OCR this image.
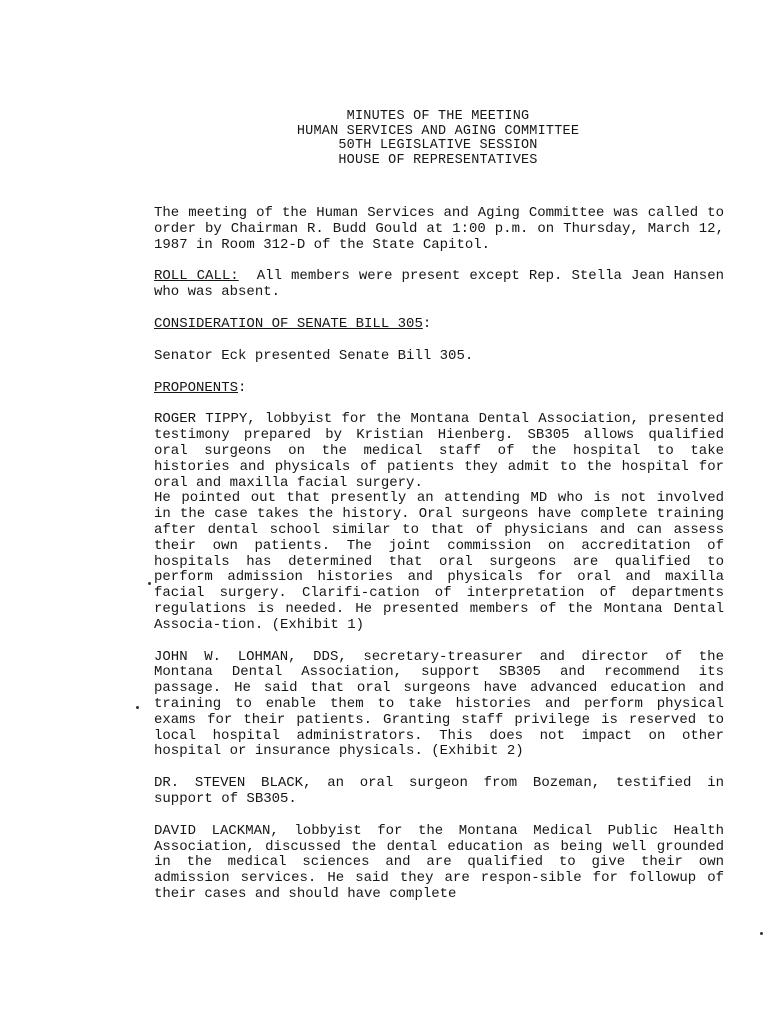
MINUTES OF THE MEETING
HUMAN SERVICES AND AGING COMMITTEE
50TH LEGISLATIVE SESSION
HOUSE OF REPRESENTATIVES

The meeting of the Human Services and Aging Committee was called to order by Chairman R. Budd Gould at 1:00 p.m. on Thursday, March 12, 1987 in Room 312-D of the State Capitol.

ROLL CALL: All members were present except Rep. Stella Jean Hansen who was absent.

CONSIDERATION OF SENATE BILL 305:

Senator Eck presented Senate Bill 305.

PROPONENTS:

ROGER TIPPY, lobbyist for the Montana Dental Association, presented testimony prepared by Kristian Hienberg. SB305 allows qualified oral surgeons on the medical staff of the hospital to take histories and physicals of patients they admit to the hospital for oral and maxilla facial surgery.

He pointed out that presently an attending MD who is not involved in the case takes the history. Oral surgeons have complete training after dental school similar to that of physicians and can assess their own patients. The joint commission on accreditation of hospitals has determined that oral surgeons are qualified to perform admission histories and physicals for oral and maxilla facial surgery. Clarifi-cation of interpretation of departments regulations is needed. He presented members of the Montana Dental Associa-tion. (Exhibit 1)

JOHN W. LOHMAN, DDS, secretary-treasurer and director of the Montana Dental Association, support SB305 and recommend its passage. He said that oral surgeons have advanced education and training to enable them to take histories and perform physical exams for their patients. Granting staff privilege is reserved to local hospital administrators. This does not impact on other hospital or insurance physicals. (Exhibit 2)

DR. STEVEN BLACK, an oral surgeon from Bozeman, testified in support of SB305.

DAVID LACKMAN, lobbyist for the Montana Medical Public Health Association, discussed the dental education as being well grounded in the medical sciences and are qualified to give their own admission services. He said they are respon-sible for followup of their cases and should have complete
